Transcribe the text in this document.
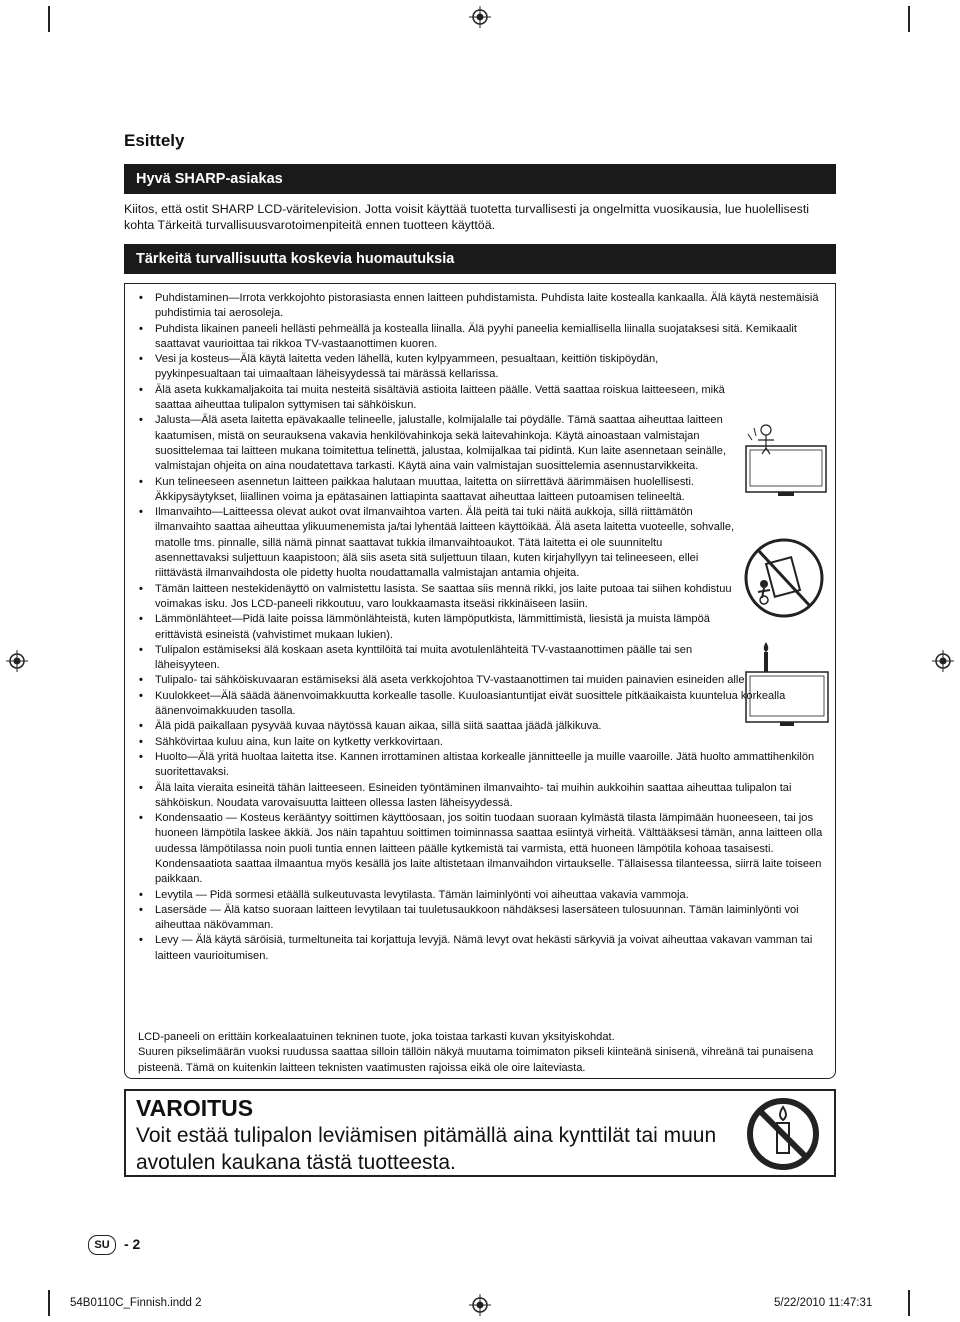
Esittely
Hyvä SHARP-asiakas
Kiitos, että ostit SHARP LCD-väritelevision. Jotta voisit käyttää tuotetta turvallisesti ja ongelmitta vuosikausia, lue huolellisesti kohta Tärkeitä turvallisuusvarotoimenpiteitä ennen tuotteen käyttöä.
Tärkeitä turvallisuutta koskevia huomautuksia
• Puhdistaminen—Irrota verkkojohto pistorasiasta ennen laitteen puhdistamista. Puhdista laite kostealla kankaalla. Älä käytä nestemäisiä puhdistimia tai aerosoleja.
• Puhdista likainen paneeli hellästi pehmeällä ja kostealla liinalla. Älä pyyhi paneelia kemiallisella liinalla suojataksesi sitä. Kemikaalit saattavat vaurioittaa tai rikkoa TV-vastaanottimen kuoren.
• Vesi ja kosteus—Älä käytä laitetta veden lähellä, kuten kylpyammeen, pesualtaan, keittiön tiskipöydän, pyykinpesualtaan tai uimaaltaan läheisyydessä tai märässä kellarissa.
• Älä aseta kukkamaljakoita tai muita nesteitä sisältäviä astioita laitteen päälle. Vettä saattaa roiskua laitteeseen, mikä saattaa aiheuttaa tulipalon syttymisen tai sähköiskun.
• Jalusta—Älä aseta laitetta epävakaalle telineelle, jalustalle, kolmijalalle tai pöydälle. Tämä saattaa aiheuttaa laitteen kaatumisen, mistä on seurauksena vakavia henkilövahinkoja sekä laitevahinkoja. Käytä ainoastaan valmistajan suosittelemaa tai laitteen mukana toimitettua telinettä, jalustaa, kolmijalkaa tai pidintä. Kun laite asennetaan seinälle, valmistajan ohjeita on aina noudatettava tarkasti. Käytä aina vain valmistajan suosittelemia asennustarvikkeita.
• Kun telineeseen asennetun laitteen paikkaa halutaan muuttaa, laitetta on siirrettävä äärimmäisen huolellisesti. Äkkipysäytykset, liiallinen voima ja epätasainen lattiapinta saattavat aiheuttaa laitteen putoamisen telineeltä.
• Ilmanvaihto—Laitteessa olevat aukot ovat ilmanvaihtoa varten. Älä peitä tai tuki näitä aukkoja, sillä riittämätön ilmanvaihto saattaa aiheuttaa ylikuumenemista ja/tai lyhentää laitteen käyttöikää. Älä aseta laitetta vuoteelle, sohvalle, matolle tms. pinnalle, sillä nämä pinnat saattavat tukkia ilmanvaihtoaukot. Tätä laitetta ei ole suunniteltu asennettavaksi suljettuun kaapistoon; älä siis aseta sitä suljettuun tilaan, kuten kirjahyllyyn tai telineeseen, ellei riittävästä ilmanvaihdosta ole pidetty huolta noudattamalla valmistajan antamia ohjeita.
• Tämän laitteen nestekidenäyttö on valmistettu lasista. Se saattaa siis mennä rikki, jos laite putoaa tai siihen kohdistuu voimakas isku. Jos LCD-paneeli rikkoutuu, varo loukkaamasta itseäsi rikkinäiseen lasiin.
• Lämmönlähteet—Pidä laite poissa lämmönlähteistä, kuten lämpöputkista, lämmittimistä, liesistä ja muista lämpöä erittävistä esineistä (vahvistimet mukaan lukien).
• Tulipalon estämiseksi älä koskaan aseta kynttilöitä tai muita avotulenlähteitä TV-vastaanottimen päälle tai sen läheisyyteen.
• Tulipalo- tai sähköiskuvaaran estämiseksi älä aseta verkkojohtoa TV-vastaanottimen tai muiden painavien esineiden alle.
• Kuulokkeet—Älä säädä äänenvoimakkuutta korkealle tasolle. Kuuloasiantuntijat eivät suosittele pitkäaikaista kuuntelua korkealla äänenvoimakkuuden tasolla.
• Älä pidä paikallaan pysyvää kuvaa näytössä kauan aikaa, sillä siitä saattaa jäädä jälkikuva.
• Sähkövirtaa kuluu aina, kun laite on kytketty verkkovirtaan.
• Huolto—Älä yritä huoltaa laitetta itse. Kannen irrottaminen altistaa korkealle jännitteelle ja muille vaaroille. Jätä huolto ammattihenkilön suoritettavaksi.
• Älä laita vieraita esineitä tähän laitteeseen. Esineiden työntäminen ilmanvaihto- tai muihin aukkoihin saattaa aiheuttaa tulipalon tai sähköiskun. Noudata varovaisuutta laitteen ollessa lasten läheisyydessä.
• Kondensaatio — Kosteus kerääntyy soittimen käyttöosaan, jos soitin tuodaan suoraan kylmästä tilasta lämpimään huoneeseen, tai jos huoneen lämpötila laskee äkkiä. Jos näin tapahtuu soittimen toiminnassa saattaa esiintyä virheitä. Välttääksesi tämän, anna laitteen olla uudessa lämpötilassa noin puoli tuntia ennen laitteen päälle kytkemistä tai varmista, että huoneen lämpötila kohoaa tasaisesti. Kondensaatiota saattaa ilmaantua myös kesällä jos laite altistetaan ilmanvaihdon virtaukselle. Tällaisessa tilanteessa, siirrä laite toiseen paikkaan.
• Levytila — Pidä sormesi etäällä sulkeutuvasta levytilasta. Tämän laiminlyönti voi aiheuttaa vakavia vammoja.
• Lasersäde — Älä katso suoraan laitteen levytilaan tai tuuletusaukkoon nähdäksesi lasersäteen tulosuunnan. Tämän laiminlyönti voi aiheuttaa näkövamman.
• Levy — Älä käytä säröisiä, turmeltuneita tai korjattuja levyjä. Nämä levyt ovat hekästi särkyviä ja voivat aiheuttaa vakavan vamman tai laitteen vaurioitumisen.
LCD-paneeli on erittäin korkealaatuinen tekninen tuote, joka toistaa tarkasti kuvan yksityiskohdat.
Suuren pikselimäärän vuoksi ruudussa saattaa silloin tällöin näkyä muutama toimimaton pikseli kiinteänä sinisenä, vihreänä tai punaisena pisteenä. Tämä on kuitenkin laitteen teknisten vaatimusten rajoissa eikä ole oire laiteviasta.
VAROITUS
Voit estää tulipalon leviämisen pitämällä aina kynttilät tai muun avotulen kaukana tästä tuotteesta.
SU	- 2
54B0110C_Finnish.indd 2	5/22/2010 11:47:31
